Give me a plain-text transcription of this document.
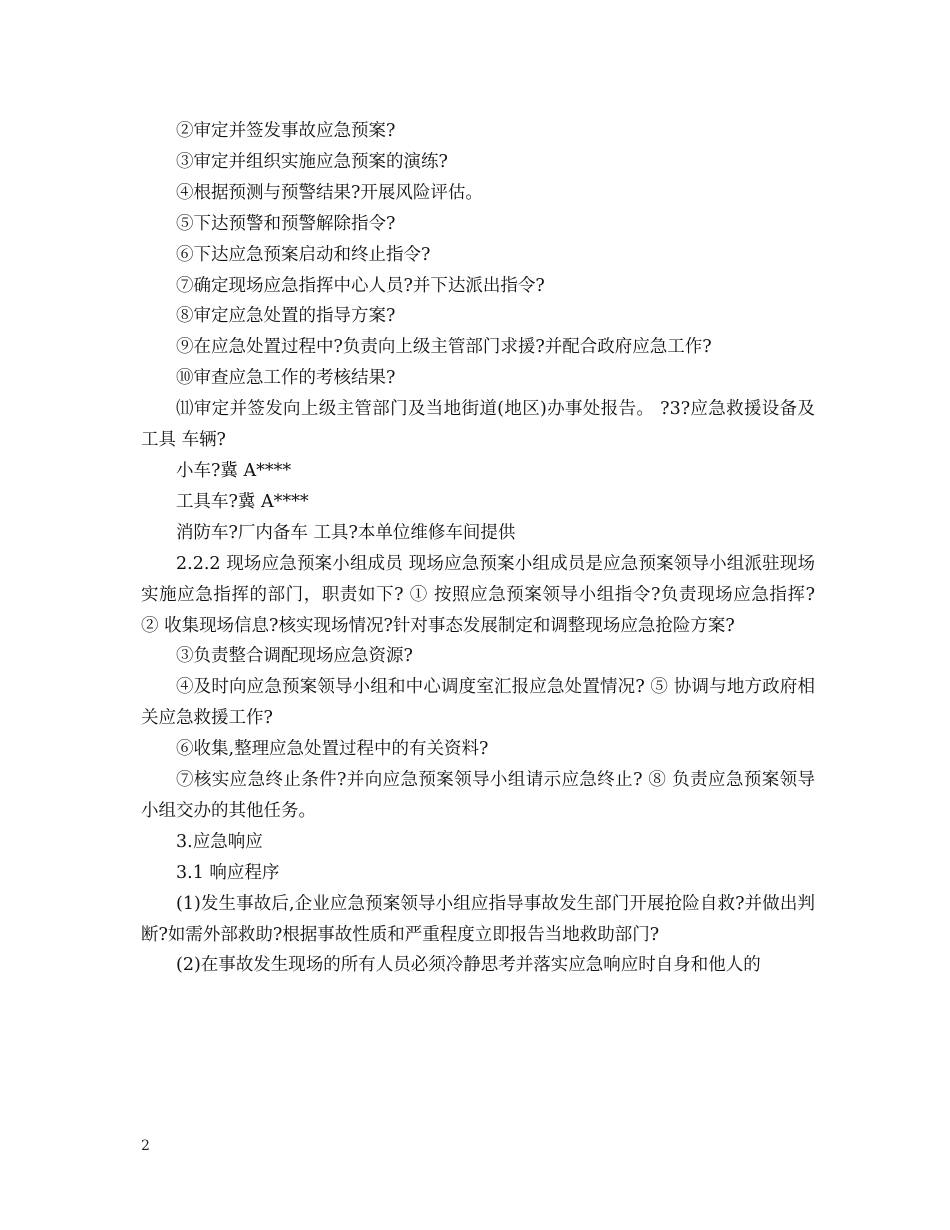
②审定并签发事故应急预案?

③审定并组织实施应急预案的演练?

④根据预测与预警结果?开展风险评估。

⑤下达预警和预警解除指令?

⑥下达应急预案启动和终止指令?

⑦确定现场应急指挥中心人员?并下达派出指令?

⑧审定应急处置的指导方案?

⑨在应急处置过程中?负责向上级主管部门求援?并配合政府应急工作?

⑩审查应急工作的考核结果?

⑾审定并签发向上级主管部门及当地街道(地区)办事处报告。 ?3?应急救援设备及工具 车辆?

小车?冀 A****

工具车?冀 A****

消防车?厂内备车 工具?本单位维修车间提供

2.2.2 现场应急预案小组成员 现场应急预案小组成员是应急预案领导小组派驻现场实施应急指挥的部门，职责如下? ① 按照应急预案领导小组指令?负责现场应急指挥? ② 收集现场信息?核实现场情况?针对事态发展制定和调整现场应急抢险方案?

③负责整合调配现场应急资源?

④及时向应急预案领导小组和中心调度室汇报应急处置情况? ⑤ 协调与地方政府相关应急救援工作?

⑥收集,整理应急处置过程中的有关资料?

⑦核实应急终止条件?并向应急预案领导小组请示应急终止? ⑧ 负责应急预案领导小组交办的其他任务。

3.应急响应

3.1 响应程序

(1)发生事故后,企业应急预案领导小组应指导事故发生部门开展抢险自救?并做出判断?如需外部救助?根据事故性质和严重程度立即报告当地救助部门?

(2)在事故发生现场的所有人员必须冷静思考并落实应急响应时自身和他人的

2
